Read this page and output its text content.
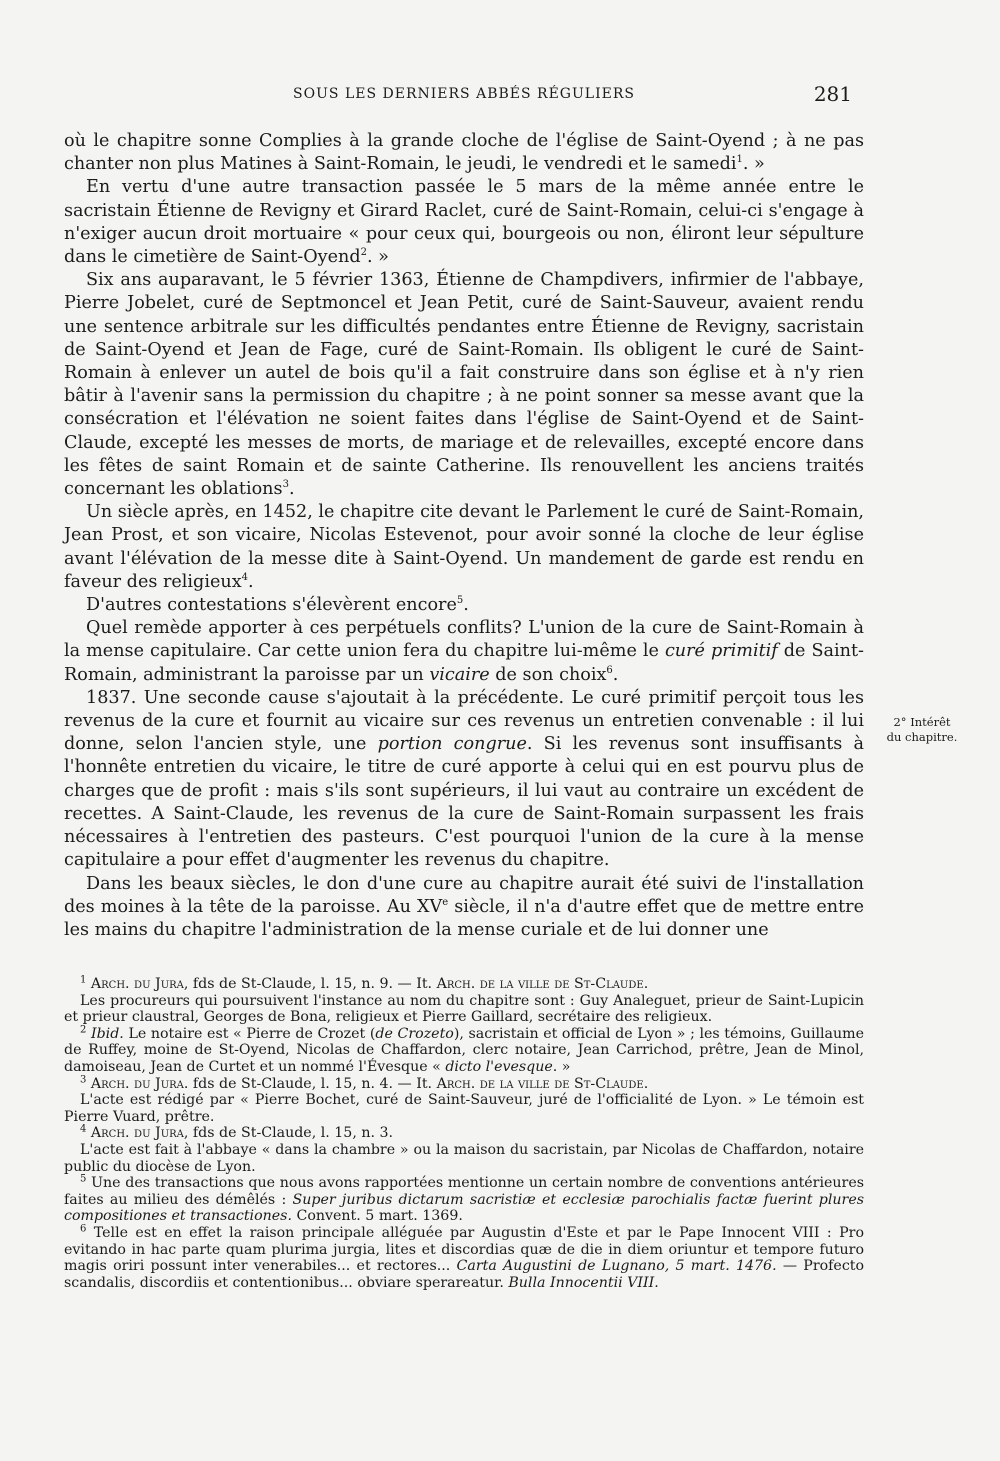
SOUS LES DERNIERS ABBÉS RÉGULIERS	281

où le chapitre sonne Complies à la grande cloche de l'église de Saint-Oyend ; à ne pas chanter non plus Matines à Saint-Romain, le jeudi, le vendredi et le samedi$^1$. »

En vertu d'une autre transaction passée le 5 mars de la même année entre le sacristain Étienne de Revigny et Girard Raclet, curé de Saint-Romain, celui-ci s'engage à n'exiger aucun droit mortuaire « pour ceux qui, bourgeois ou non, éliront leur sépulture dans le cimetière de Saint-Oyend$^2$. »

Six ans auparavant, le 5 février 1363, Étienne de Champdivers, infirmier de l'abbaye, Pierre Jobelet, curé de Septmoncel et Jean Petit, curé de Saint-Sauveur, avaient rendu une sentence arbitrale sur les difficultés pendantes entre Étienne de Revigny, sacristain de Saint-Oyend et Jean de Fage, curé de Saint-Romain. Ils obligent le curé de Saint-Romain à enlever un autel de bois qu'il a fait construire dans son église et à n'y rien bâtir à l'avenir sans la permission du chapitre ; à ne point sonner sa messe avant que la consécration et l'élévation ne soient faites dans l'église de Saint-Oyend et de Saint-Claude, excepté les messes de morts, de mariage et de relevailles, excepté encore dans les fêtes de saint Romain et de sainte Catherine. Ils renouvellent les anciens traités concernant les oblations$^3$.

Un siècle après, en 1452, le chapitre cite devant le Parlement le curé de Saint-Romain, Jean Prost, et son vicaire, Nicolas Estevenot, pour avoir sonné la cloche de leur église avant l'élévation de la messe dite à Saint-Oyend. Un mandement de garde est rendu en faveur des religieux$^4$.

D'autres contestations s'élevèrent encore$^5$.

Quel remède apporter à ces perpétuels conflits? L'union de la cure de Saint-Romain à la mense capitulaire. Car cette union fera du chapitre lui-même le curé primitif de Saint-Romain, administrant la paroisse par un vicaire de son choix$^6$.

1837. Une seconde cause s'ajoutait à la précédente. Le curé primitif perçoit tous les revenus de la cure et fournit au vicaire sur ces revenus un entretien convenable : il lui donne, selon l'ancien style, une portion congrue. Si les revenus sont insuffisants à l'honnête entretien du vicaire, le titre de curé apporte à celui qui en est pourvu plus de charges que de profit : mais s'ils sont supérieurs, il lui vaut au contraire un excédent de recettes. A Saint-Claude, les revenus de la cure de Saint-Romain surpassent les frais nécessaires à l'entretien des pasteurs. C'est pourquoi l'union de la cure à la mense capitulaire a pour effet d'augmenter les revenus du chapitre.

Dans les beaux siècles, le don d'une cure au chapitre aurait été suivi de l'installation des moines à la tête de la paroisse. Au XVe siècle, il n'a d'autre effet que de mettre entre les mains du chapitre l'administration de la mense curiale et de lui donner une

2° Intérêt
du chapitre.

$^1$ Arch. du Jura, fds de St-Claude, l. 15, n. 9. — It. Arch. de la ville de St-Claude.

Les procureurs qui poursuivent l'instance au nom du chapitre sont : Guy Analeguet, prieur de Saint-Lupicin et prieur claustral, Georges de Bona, religieux et Pierre Gaillard, secrétaire des religieux.

$^2$ Ibid. Le notaire est « Pierre de Crozet (de Crozeto), sacristain et official de Lyon » ; les témoins, Guillaume de Ruffey, moine de St-Oyend, Nicolas de Chaffardon, clerc notaire, Jean Carrichod, prêtre, Jean de Minol, damoiseau, Jean de Curtet et un nommé l'Évesque « dicto l'evesque. »

$^3$ Arch. du Jura. fds de St-Claude, l. 15, n. 4. — It. Arch. de la ville de St-Claude.

L'acte est rédigé par « Pierre Bochet, curé de Saint-Sauveur, juré de l'officialité de Lyon. » Le témoin est Pierre Vuard, prêtre.

$^4$ Arch. du Jura, fds de St-Claude, l. 15, n. 3.

L'acte est fait à l'abbaye « dans la chambre » ou la maison du sacristain, par Nicolas de Chaffardon, notaire public du diocèse de Lyon.

$^5$ Une des transactions que nous avons rapportées mentionne un certain nombre de conventions antérieures faites au milieu des démêlés : Super juribus dictarum sacristiæ et ecclesiæ parochialis factæ fuerint plures compositiones et transactiones. Convent. 5 mart. 1369.

$^6$ Telle est en effet la raison principale alléguée par Augustin d'Este et par le Pape Innocent VIII : Pro evitando in hac parte quam plurima jurgia, lites et discordias quæ de die in diem oriuntur et tempore futuro magis oriri possunt inter venerabiles... et rectores... Carta Augustini de Lugnano, 5 mart. 1476. — Profecto scandalis, discordiis et contentionibus... obviare sperareatur. Bulla Innocentii VIII.
